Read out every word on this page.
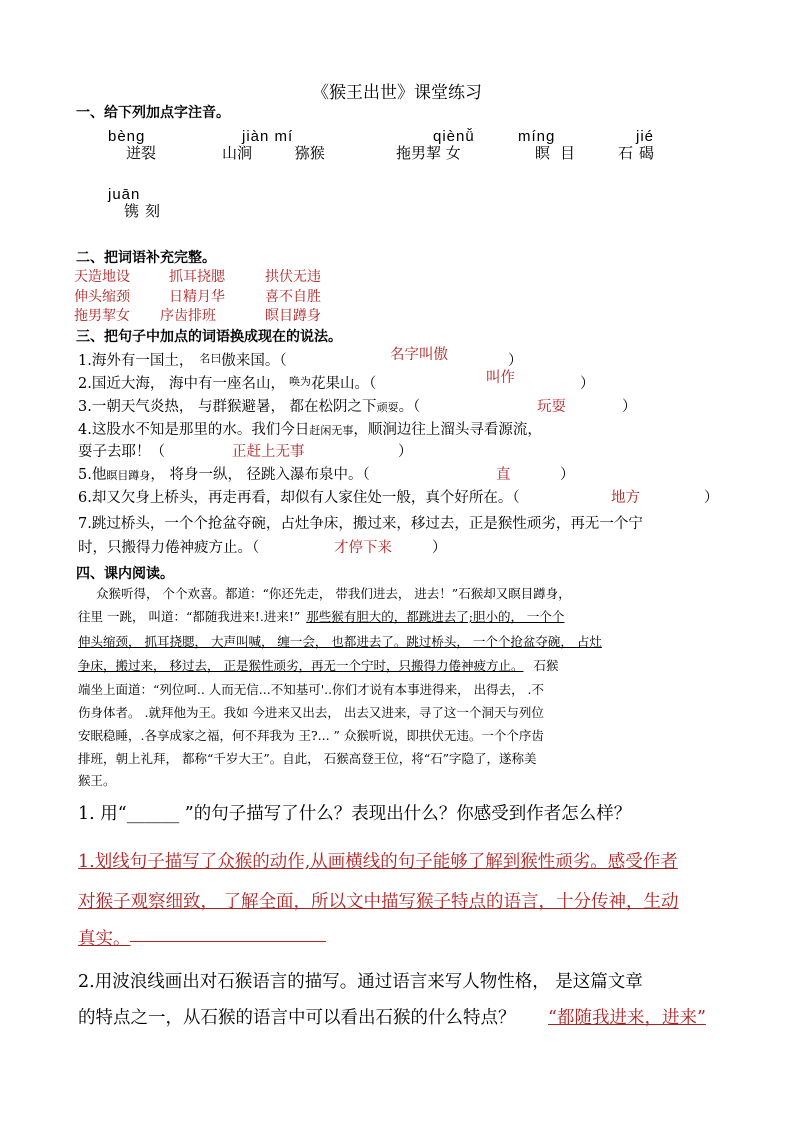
《猴王出世》课堂练习
一、给下列加点字注音。
bèng
迸裂
jiàn mí
山涧 猕猴
qiènǚ
拖男挈 女
míng
瞑目
jié
石碣
juān
镌刻
二、把词语补充完整。
天造地设	抓耳挠腮	拱伏无违
伸头缩颈	日精月华	喜不自胜
拖男挈女 序齿排班	瞑目蹲身
三、把句子中加点的词语换成现在的说法。
1.海外有一国土， $^{名曰}$傲来国。（	名字叫傲	）
2.国近大海， 海中有一座名山， $^{唤为}$花果山。（	叫作	）
3.一朝天气炎热， 与群猴避暑， 都在松阴之下顽耍。（	玩耍	）
4.这股水不知是那里的水。我们今日赶闲无事，顺涧边往上溜头寻看源流，
耍子去耶！（	正赶上无事	）
5.他瞑目蹲身， 将身一纵， 径跳入瀑布泉中。（	直	）
6.却又欠身上桥头，再走再看，却似有人家住处一般，真个好所在。（	地方	）
7.跳过桥头，一个个抢盆夺碗，占灶争床，搬过来，移过去，正是猴性顽劣，再无一个宁
时，只搬得力倦神疲方止。（	才停下来	）
四、课内阅读。
众猴听得， 个个欢喜。都道：“你还先走， 带我们进去， 进去！”石猴却又瞑目蹲身，
往里 一跳， 叫道：“都随我进来!.进来!” 那些猴有胆大的，都跳进去了;胆小的， 一个个
伸头缩颈， 抓耳挠腮， 大声叫喊， 缠一会， 也都进去了。跳过桥头， 一个个抢盆夺碗， 占灶
争床，搬过来， 移过去， 正是猴性顽劣，再无一个宁时，只搬得力倦神疲方止。 石猴
端坐上面道：“列位呵.. 人而无信...不知基可'..你们才说有本事进得来， 出得去， .不
伤身体者。 .就拜他为王。我如 今进来又出去， 出去又进来，寻了这一个洞天与列位
安眠稳睡，.各享成家之福，何不拜我为 王?... ” 众猴听说，即拱伏无违。一个个序齿
排班，朝上礼拜， 都称“千岁大王”。自此， 石猴高登王位，将“石”字隐了，遂称美
猴王。
1. 用“______ ”的句子描写了什么？表现出什么？你感受到作者怎么样？
1.划线句子描写了众猴的动作,从画横线的句子能够了解到猴性顽劣。感受作者
对猴子观察细致， 了解全面，所以文中描写猴子特点的语言，十分传神，生动
真实。
2.用波浪线画出对石猴语言的描写。通过语言来写人物性格， 是这篇文章
的特点之一，从石猴的语言中可以看出石猴的什么特点？ “都随我进来，进来”
